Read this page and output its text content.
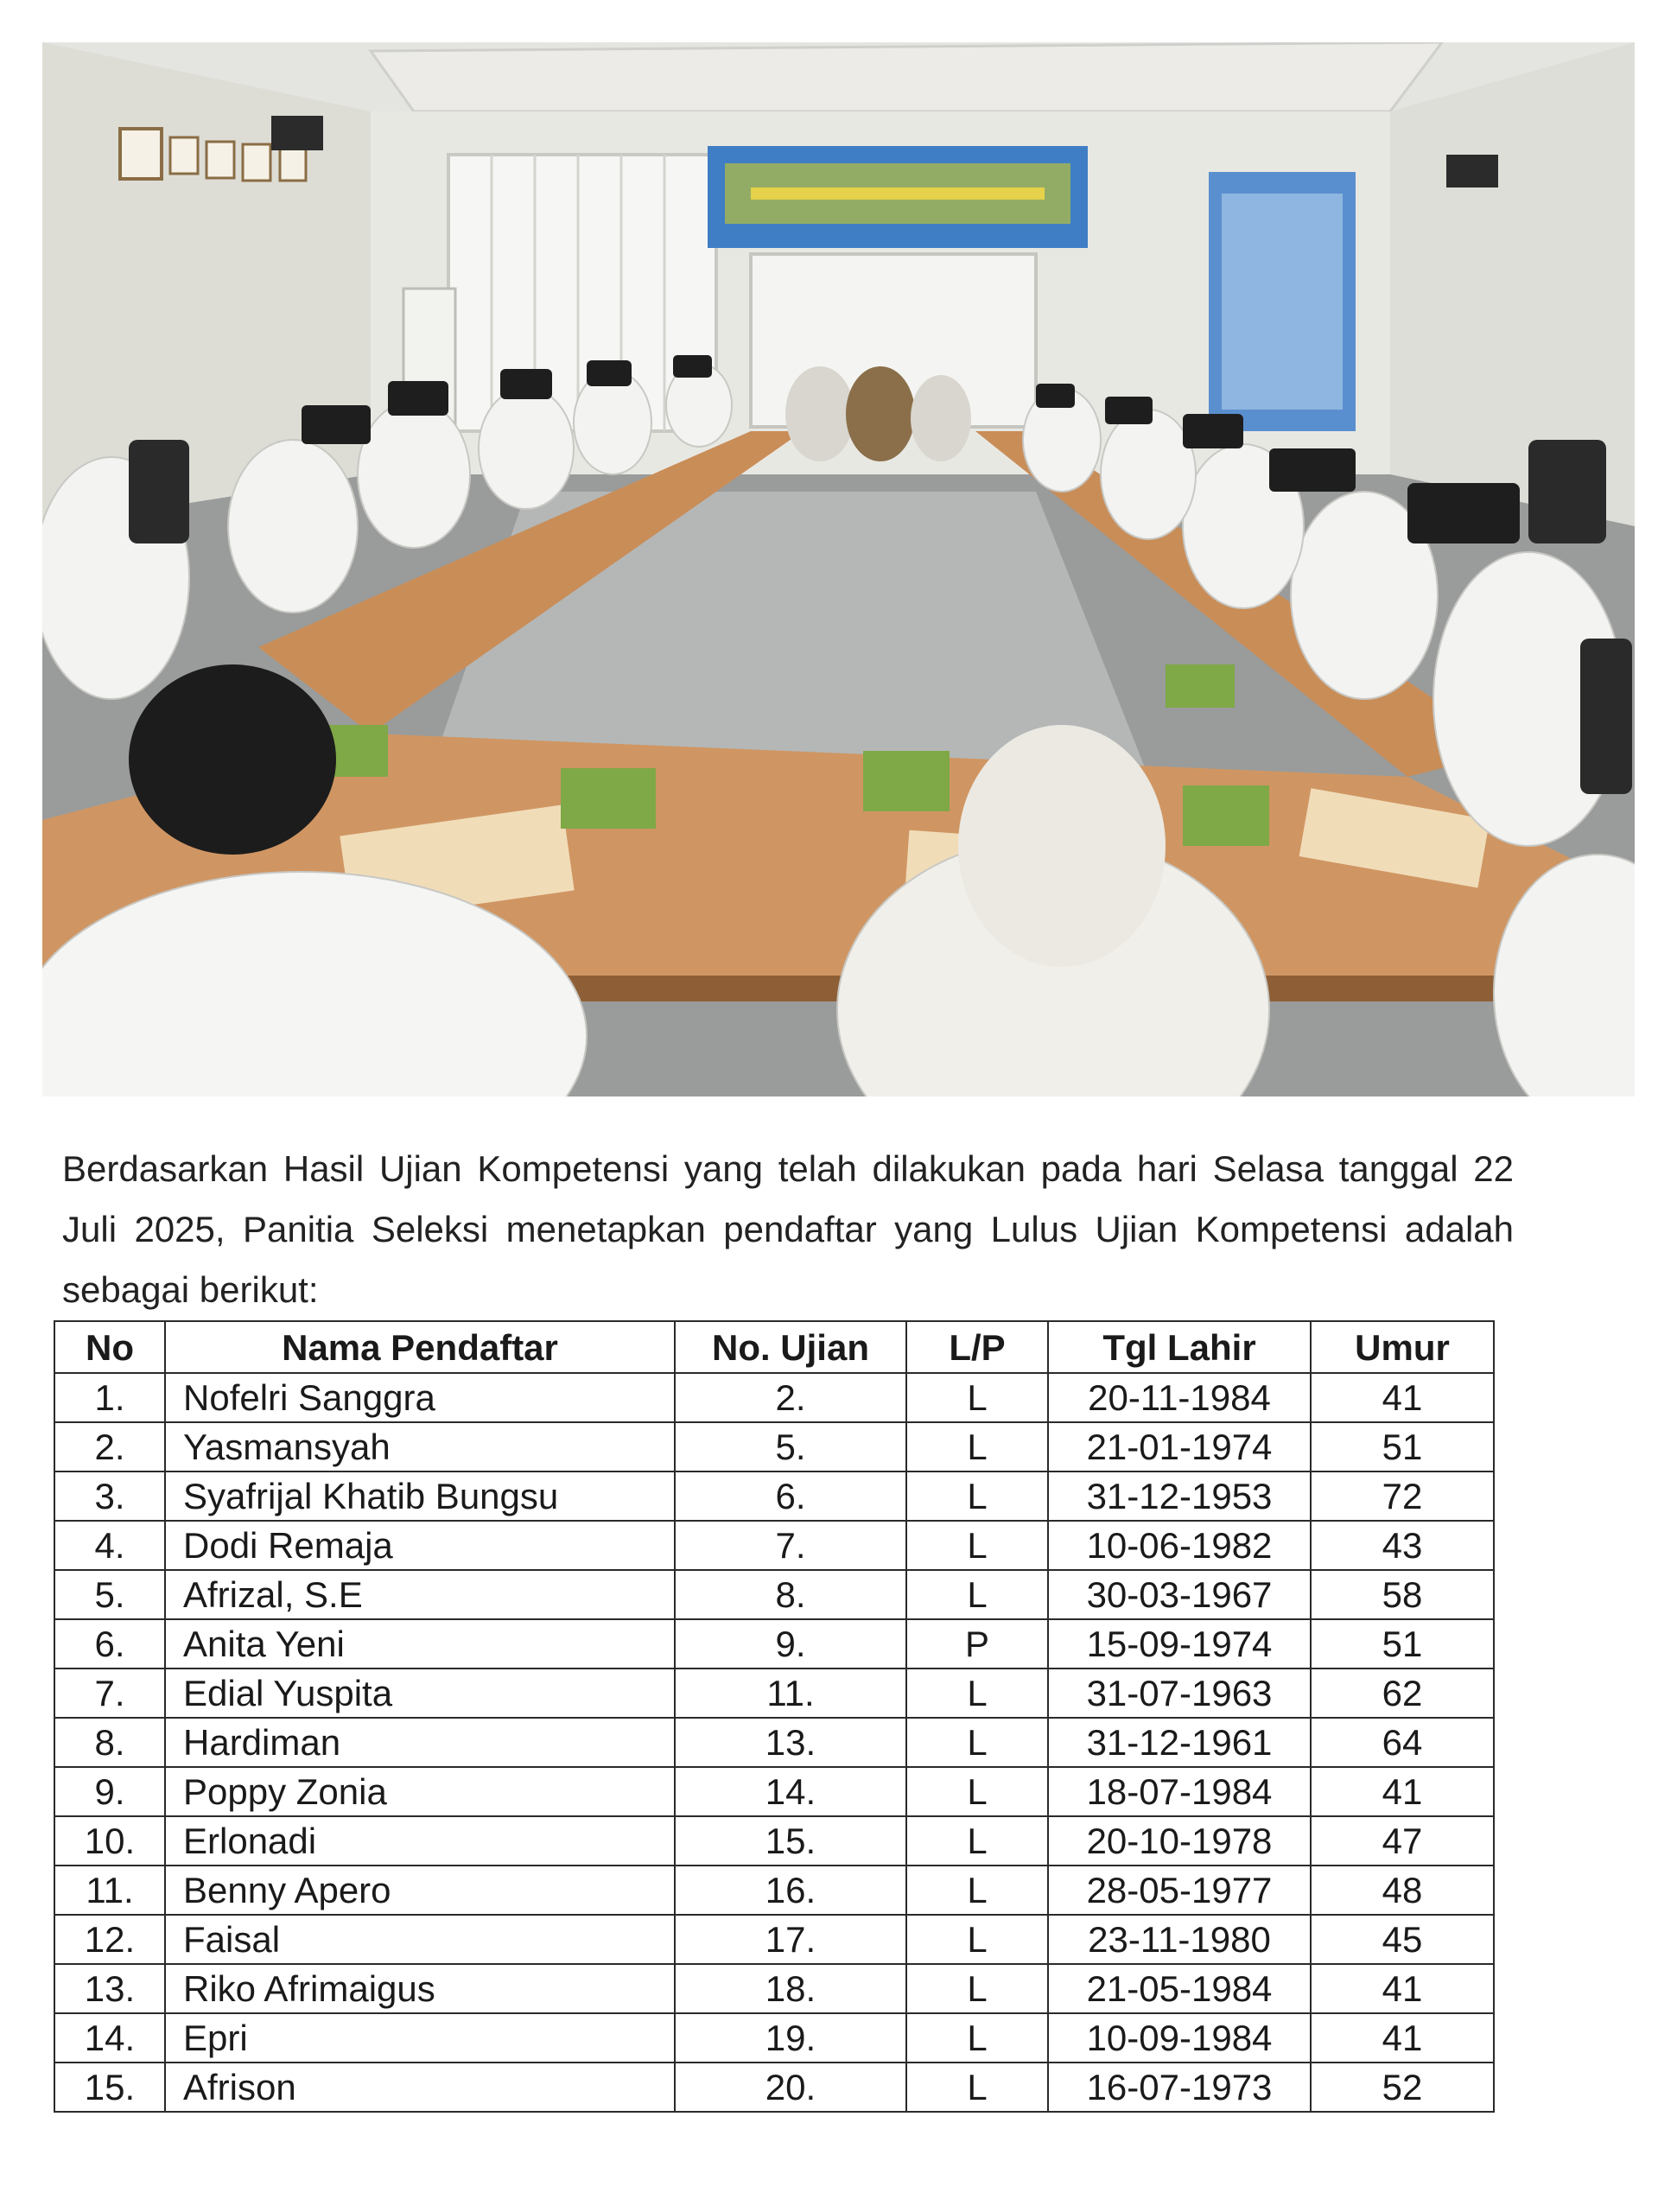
Berdasarkan Hasil Ujian Kompetensi yang telah dilakukan pada hari Selasa tanggal 22
Juli 2025, Panitia Seleksi menetapkan pendaftar yang Lulus Ujian Kompetensi adalah
sebagai berikut:
No	Nama Pendaftar	No. Ujian	L/P	Tgl Lahir	Umur
1.	Nofelri Sanggra	2.	L	20-11-1984	41
2.	Yasmansyah	5.	L	21-01-1974	51
3.	Syafrijal Khatib Bungsu	6.	L	31-12-1953	72
4.	Dodi Remaja	7.	L	10-06-1982	43
5.	Afrizal, S.E	8.	L	30-03-1967	58
6.	Anita Yeni	9.	P	15-09-1974	51
7.	Edial Yuspita	11.	L	31-07-1963	62
8.	Hardiman	13.	L	31-12-1961	64
9.	Poppy Zonia	14.	L	18-07-1984	41
10.	Erlonadi	15.	L	20-10-1978	47
11.	Benny Apero	16.	L	28-05-1977	48
12.	Faisal	17.	L	23-11-1980	45
13.	Riko Afrimaigus	18.	L	21-05-1984	41
14.	Epri	19.	L	10-09-1984	41
15.	Afrison	20.	L	16-07-1973	52
